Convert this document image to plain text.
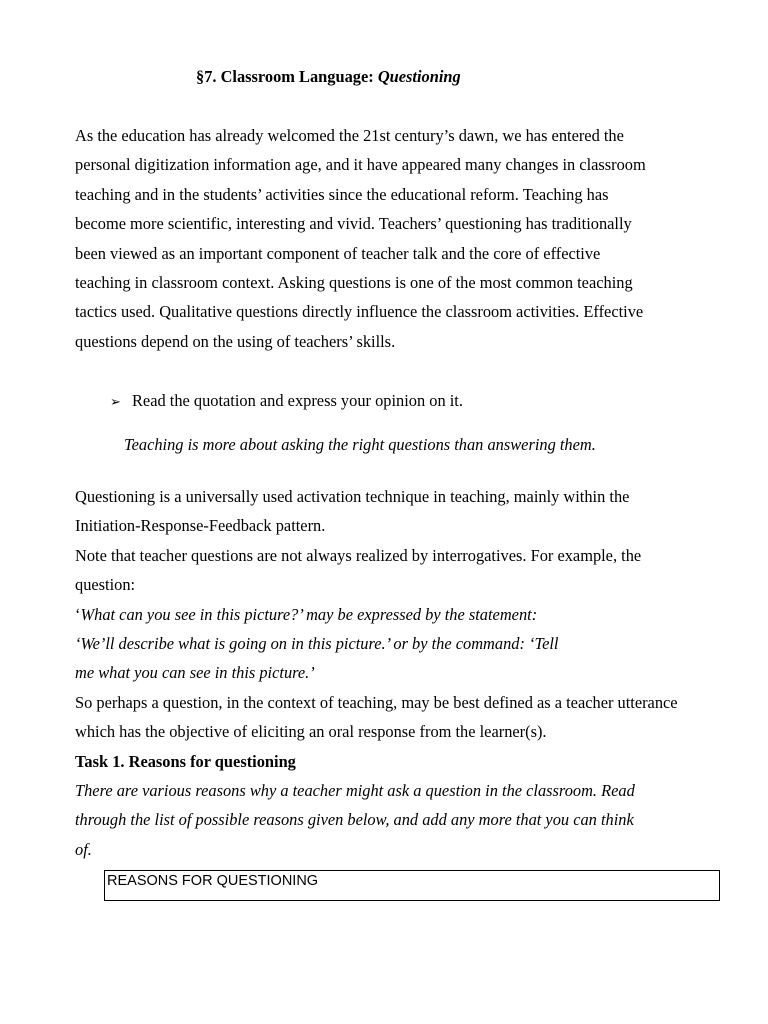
§7. Classroom Language: Questioning
As the education has already welcomed the 21st century’s dawn, we has entered the
personal digitization information age, and it have appeared many changes in classroom
teaching and in the students’ activities since the educational reform. Teaching has
become more scientific, interesting and vivid. Teachers’ questioning has traditionally
been viewed as an important component of teacher talk and the core of effective
teaching in classroom context. Asking questions is one of the most common teaching
tactics used. Qualitative questions directly influence the classroom activities. Effective
questions depend on the using of teachers’ skills.
➢ Read the quotation and express your opinion on it.
Teaching is more about asking the right questions than answering them.

Questioning is a universally used activation technique in teaching, mainly within the

Initiation-Response-Feedback pattern.

Note that teacher questions are not always realized by interrogatives. For example, the

question:

‘What can you see in this picture?’ may be expressed by the statement:

‘We’ll describe what is going on in this picture.’ or by the command: ‘Tell

me what you can see in this picture.’

So perhaps a question, in the context of teaching, may be best defined as a teacher utterance

which has the objective of eliciting an oral response from the learner(s).

Task 1. Reasons for questioning

There are various reasons why a teacher might ask a question in the classroom. Read

through the list of possible reasons given below, and add any more that you can think

of.

REASONS FOR QUESTIONING
